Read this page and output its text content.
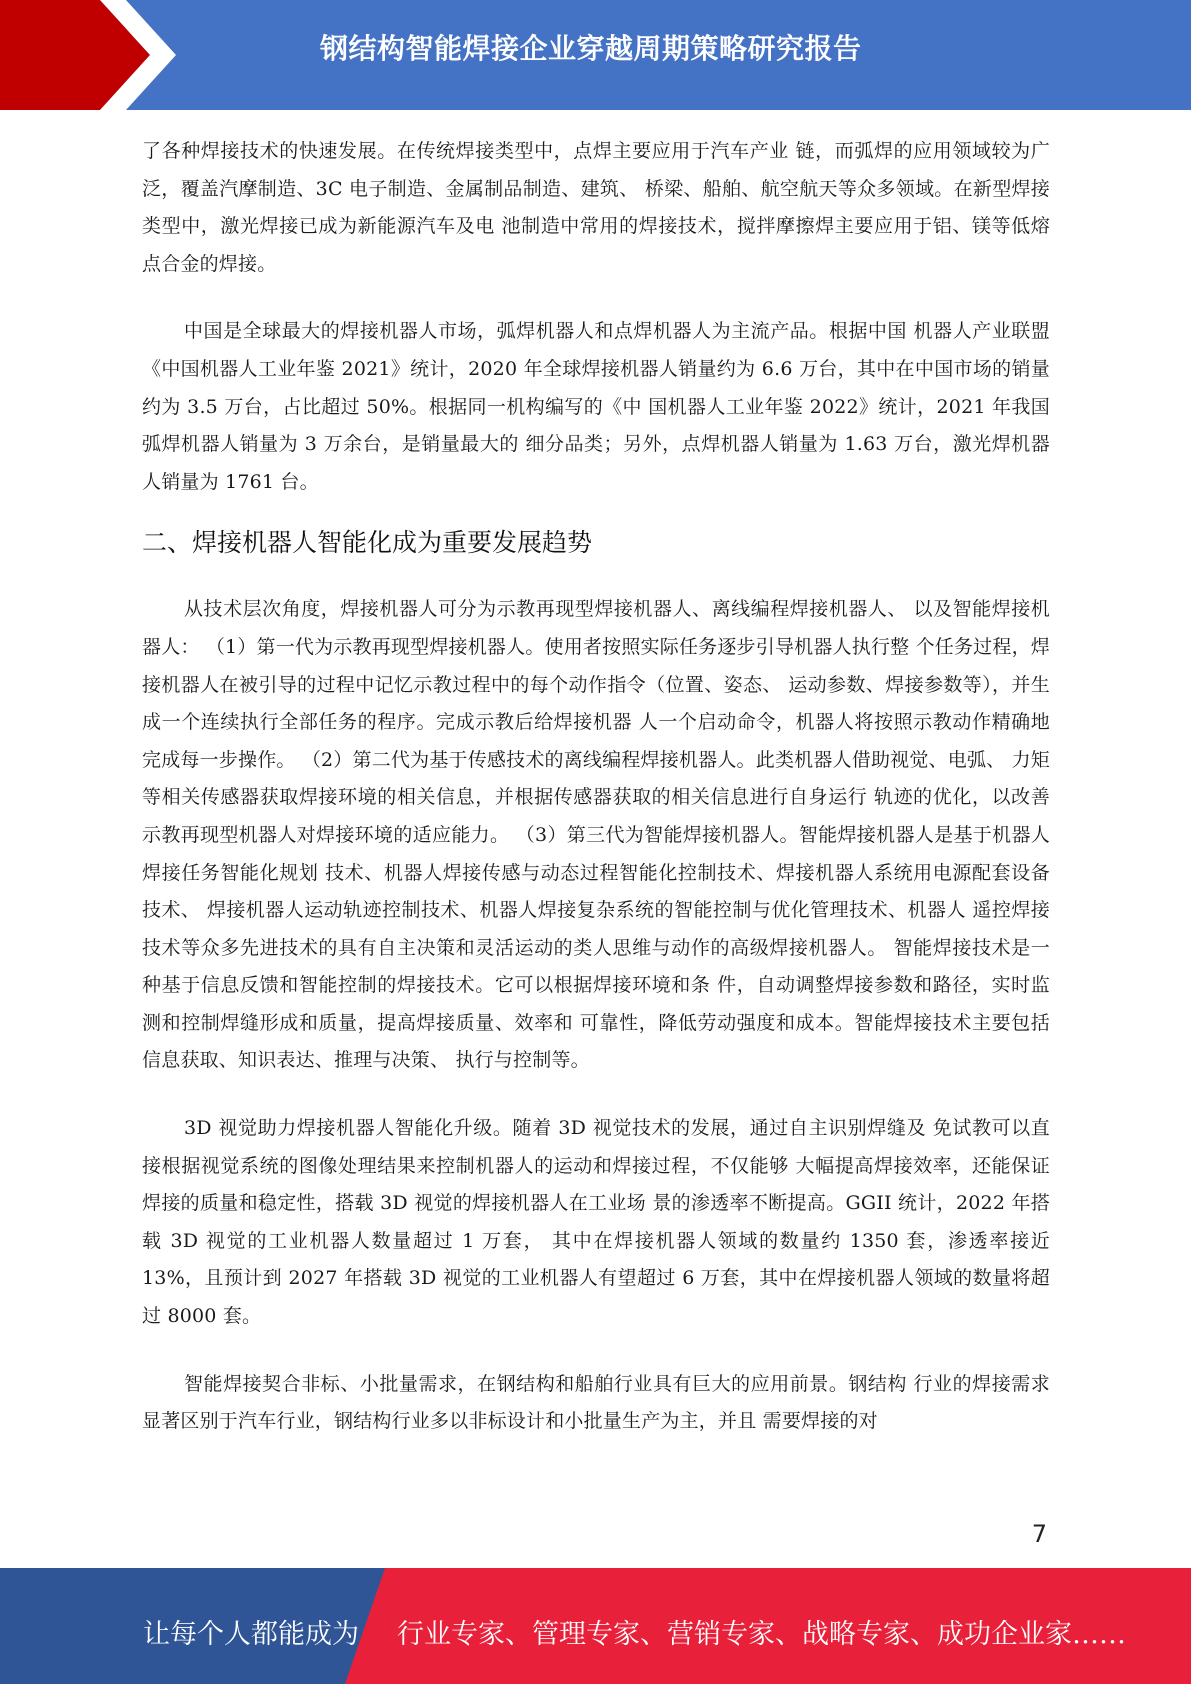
钢结构智能焊接企业穿越周期策略研究报告

了各种焊接技术的快速发展。在传统焊接类型中，点焊主要应用于汽车产业 链，而弧焊的应用领域较为广泛，覆盖汽摩制造、3C 电子制造、金属制品制造、建筑、 桥梁、船舶、航空航天等众多领域。在新型焊接类型中，激光焊接已成为新能源汽车及电 池制造中常用的焊接技术，搅拌摩擦焊主要应用于铝、镁等低熔点合金的焊接。

中国是全球最大的焊接机器人市场，弧焊机器人和点焊机器人为主流产品。根据中国 机器人产业联盟《中国机器人工业年鉴 2021》统计，2020 年全球焊接机器人销量约为 6.6 万台，其中在中国市场的销量约为 3.5 万台，占比超过 50%。根据同一机构编写的《中 国机器人工业年鉴 2022》统计，2021 年我国弧焊机器人销量为 3 万余台，是销量最大的 细分品类；另外，点焊机器人销量为 1.63 万台，激光焊机器人销量为 1761 台。

二、焊接机器人智能化成为重要发展趋势

从技术层次角度，焊接机器人可分为示教再现型焊接机器人、离线编程焊接机器人、 以及智能焊接机器人： （1）第一代为示教再现型焊接机器人。使用者按照实际任务逐步引导机器人执行整 个任务过程，焊接机器人在被引导的过程中记忆示教过程中的每个动作指令（位置、姿态、 运动参数、焊接参数等），并生成一个连续执行全部任务的程序。完成示教后给焊接机器 人一个启动命令，机器人将按照示教动作精确地完成每一步操作。 （2）第二代为基于传感技术的离线编程焊接机器人。此类机器人借助视觉、电弧、 力矩等相关传感器获取焊接环境的相关信息，并根据传感器获取的相关信息进行自身运行 轨迹的优化，以改善示教再现型机器人对焊接环境的适应能力。 （3）第三代为智能焊接机器人。智能焊接机器人是基于机器人焊接任务智能化规划 技术、机器人焊接传感与动态过程智能化控制技术、焊接机器人系统用电源配套设备技术、 焊接机器人运动轨迹控制技术、机器人焊接复杂系统的智能控制与优化管理技术、机器人 遥控焊接技术等众多先进技术的具有自主决策和灵活运动的类人思维与动作的高级焊接机器人。 智能焊接技术是一种基于信息反馈和智能控制的焊接技术。它可以根据焊接环境和条 件，自动调整焊接参数和路径，实时监测和控制焊缝形成和质量，提高焊接质量、效率和 可靠性，降低劳动强度和成本。智能焊接技术主要包括信息获取、知识表达、推理与决策、 执行与控制等。

3D 视觉助力焊接机器人智能化升级。随着 3D 视觉技术的发展，通过自主识别焊缝及 免试教可以直接根据视觉系统的图像处理结果来控制机器人的运动和焊接过程，不仅能够 大幅提高焊接效率，还能保证焊接的质量和稳定性，搭载 3D 视觉的焊接机器人在工业场 景的渗透率不断提高。GGII 统计，2022 年搭载 3D 视觉的工业机器人数量超过 1 万套， 其中在焊接机器人领域的数量约 1350 套，渗透率接近 13%，且预计到 2027 年搭载 3D 视觉的工业机器人有望超过 6 万套，其中在焊接机器人领域的数量将超过 8000 套。

智能焊接契合非标、小批量需求，在钢结构和船舶行业具有巨大的应用前景。钢结构 行业的焊接需求显著区别于汽车行业，钢结构行业多以非标设计和小批量生产为主，并且 需要焊接的对

7
让每个人都能成为 行业专家、管理专家、营销专家、战略专家、成功企业家……
